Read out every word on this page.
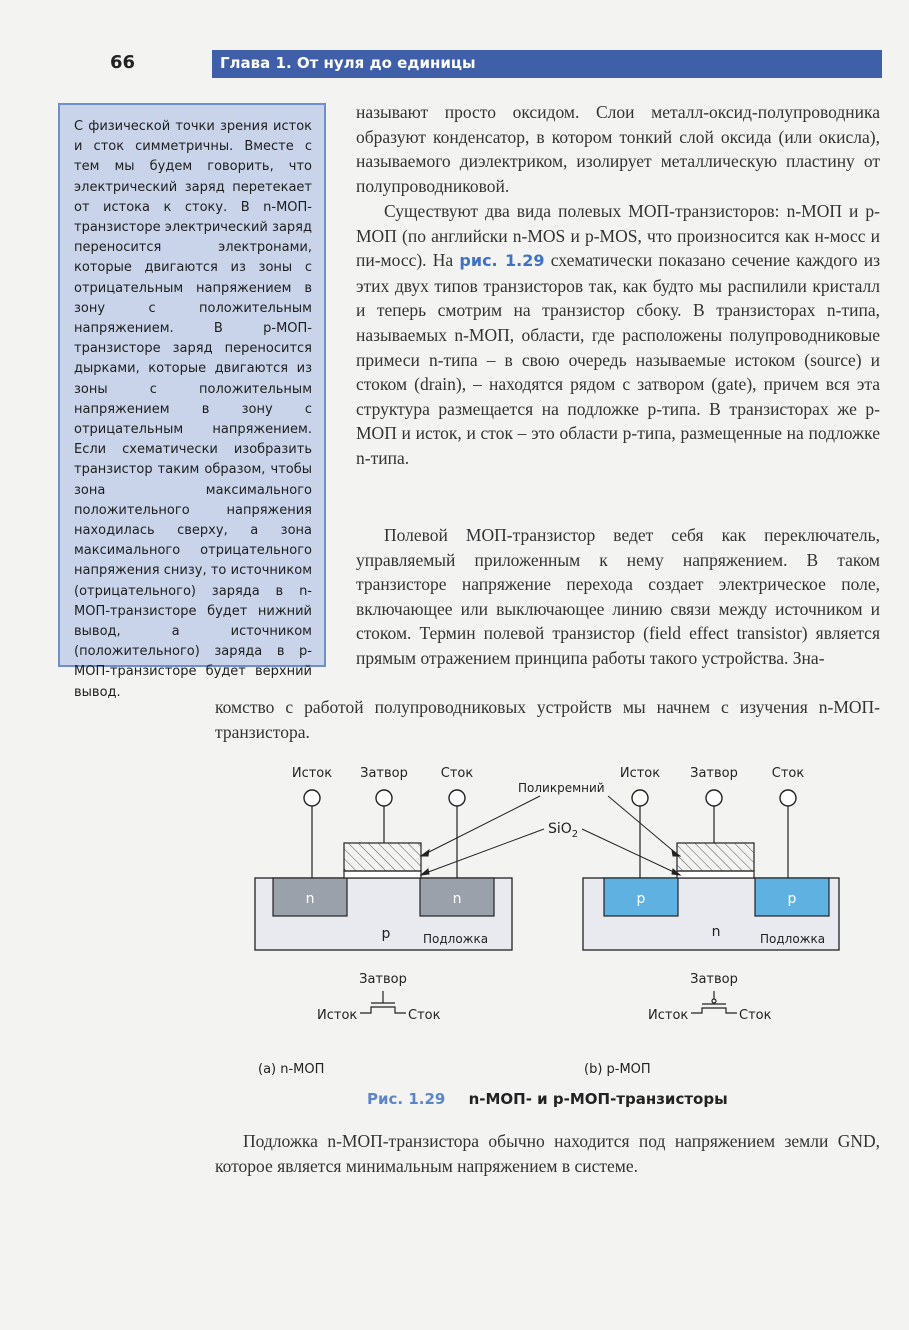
66	Глава 1. От нуля до единицы

С физической точки зрения исток и сток симметричны. Вместе с тем мы будем говорить, что электрический заряд перетекает от истока к стоку. В n-МОП-транзисторе электрический заряд переносится электронами, которые двигаются из зоны с отрицательным напряжением в зону с положительным напряжением. В p-МОП-транзисторе заряд переносится дырками, которые двигаются из зоны с положительным напряжением в зону с отрицательным напряжением. Если схематически изобразить транзистор таким образом, чтобы зона максимального положительного напряжения находилась сверху, а зона максимального отрицательного напряжения снизу, то источником (отрицательного) заряда в n-МОП-транзисторе будет нижний вывод, а источником (положительного) заряда в p-МОП-транзисторе будет верхний вывод.

называют просто оксидом. Слои металл-оксид-полупроводника образуют конденсатор, в котором тонкий слой оксида (или окисла), называемого диэлектриком, изолирует металлическую пластину от полупроводниковой.

Существуют два вида полевых МОП-транзисторов: n-МОП и p-МОП (по английски n-MOS и p-MOS, что произносится как н-мосс и пи-мосс). На рис. 1.29 схематически показано сечение каждого из этих двух типов транзисторов так, как будто мы распилили кристалл и теперь смотрим на транзистор сбоку. В транзисторах n-типа, называемых n-МОП, области, где расположены полупроводниковые примеси n-типа – в свою очередь называемые истоком (source) и стоком (drain), – находятся рядом с затвором (gate), причем вся эта структура размещается на подложке p-типа. В транзисторах же p-МОП и исток, и сток – это области p-типа, размещенные на подложке n-типа.

Полевой МОП-транзистор ведет себя как переключатель, управляемый приложенным к нему напряжением. В таком транзисторе напряжение перехода создает электрическое поле, включающее или выключающее линию связи между источником и стоком. Термин полевой транзистор (field effect transistor) является прямым отражением принципа работы такого устройства. Зна-

комство с работой полупроводниковых устройств мы начнем с изучения n-МОП-транзистора.

Исток Затвор	Сток
n	n
p	Подложка
Затвор
Исток	Сток
(a) n-МОП
Исток Затвор	Сток
p	p
n	Подложка
Затвор
Исток	Сток
(b) p-МОП
Поликремний
SiO$_2$
Рис. 1.29 n-МОП- и p-МОП-транзисторы

Подложка n-МОП-транзистора обычно находится под напряжением земли GND, которое является минимальным напряжением в системе.
